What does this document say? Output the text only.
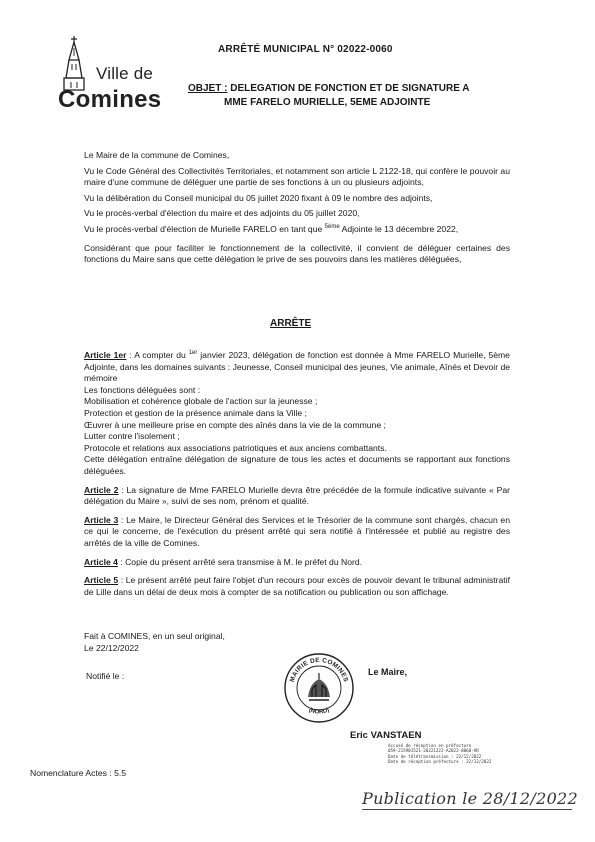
Ville de
Comines
ARRÊTÉ MUNICIPAL N° 02022-0060
OBJET : DELEGATION DE FONCTION ET DE SIGNATURE A
MME FARELO MURIELLE, 5EME ADJOINTE

Le Maire de la commune de Comines,

Vu le Code Général des Collectivités Territoriales, et notamment son article L 2122-18, qui confère le pouvoir au maire d'une commune de déléguer une partie de ses fonctions à un ou plusieurs adjoints,

Vu la délibération du Conseil municipal du 05 juillet 2020 fixant à 09 le nombre des adjoints,

Vu le procès-verbal d'élection du maire et des adjoints du 05 juillet 2020,

Vu le procès-verbal d'élection de Murielle FARELO en tant que $^{5ème}$ Adjointe le 13 décembre 2022,

Considérant que pour faciliter le fonctionnement de la collectivité, il convient de déléguer certaines des fonctions du Maire sans que cette délégation le prive de ses pouvoirs dans les matières déléguées,

ARRÊTE

Article 1er : A compter du $^{1er}$ janvier 2023, délégation de fonction est donnée à Mme FARELO Murielle, 5ème Adjointe, dans les domaines suivants : Jeunesse, Conseil municipal des jeunes, Vie animale, Aînés et Devoir de mémoire

Les fonctions déléguées sont :

Mobilisation et cohérence globale de l'action sur la jeunesse ;

Protection et gestion de la présence animale dans la Ville ;

Œuvrer à une meilleure prise en compte des aînés dans la vie de la commune ;

Lutter contre l'isolement ;

Protocole et relations aux associations patriotiques et aux anciens combattants.

Cette délégation entraîne délégation de signature de tous les actes et documents se rapportant aux fonctions déléguées.

Article 2 : La signature de Mme FARELO Murielle devra être précédée de la formule indicative suivante « Par délégation du Maire », suivi de ses nom, prénom et qualité.

Article 3 : Le Maire, le Directeur Général des Services et le Trésorier de la commune sont chargés, chacun en ce qui le concerne, de l'exécution du présent arrêté qui sera notifié à l'intéressée et publié au registre des arrêtés de la ville de Comines.

Article 4 : Copie du présent arrêté sera transmise à M. le préfet du Nord.

Article 5 : Le présent arrêté peut faire l'objet d'un recours pour excès de pouvoir devant le tribunal administratif de Lille dans un délai de deux mois à compter de sa notification ou publication ou son affichage.

Fait à COMINES, en un seul original,
Le 22/12/2022
Notifié le :	Le Maire,
MAIRIE DE COMINES
(NORD)
Eric VANSTAEN
Accusé de réception en préfecture
059-215901521-20221222-A2022-0060-AR
Date de télétransmission : 22/12/2022
Date de réception préfecture : 22/12/2022
Nomenclature Actes : 5.5
Publication le 28/12/2022
